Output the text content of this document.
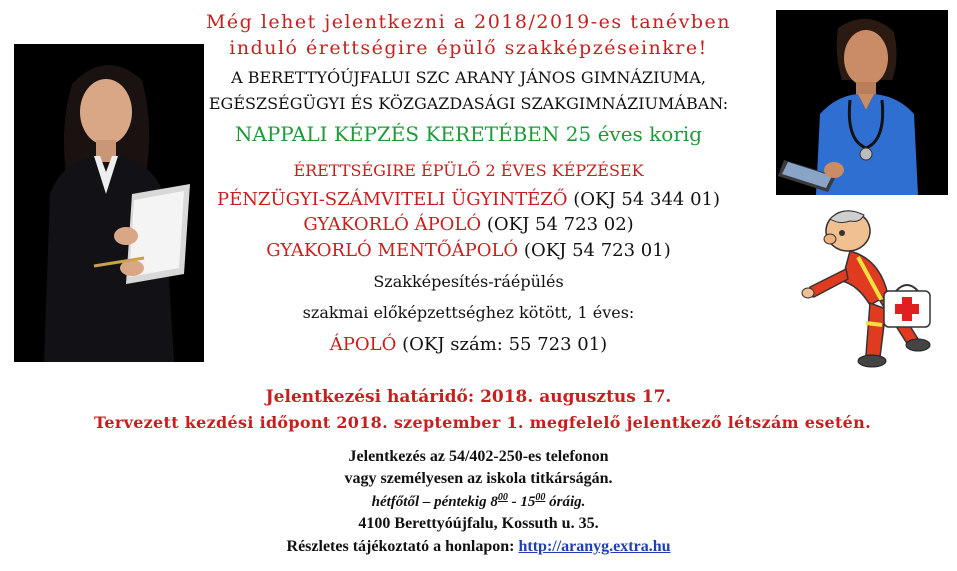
Még lehet jelentkezni a 2018/2019-es tanévben
induló érettségire épülő szakképzéseinkre!
A BERETTYÓÚJFALUI SZC ARANY JÁNOS GIMNÁZIUMA,
EGÉSZSÉGÜGYI ÉS KÖZGAZDASÁGI SZAKGIMNÁZIUMÁBAN:
NAPPALI KÉPZÉS KERETÉBEN 25 éves korig
ÉRETTSÉGIRE ÉPÜLŐ 2 ÉVES KÉPZÉSEK
PÉNZÜGYI-SZÁMVITELI ÜGYINTÉZŐ (OKJ 54 344 01)
GYAKORLÓ ÁPOLÓ (OKJ 54 723 02)
GYAKORLÓ MENTŐÁPOLÓ (OKJ 54 723 01)
Szakképesítés-ráépülés
szakmai előképzettséghez kötött, 1 éves:
ÁPOLÓ (OKJ szám: 55 723 01)
Jelentkezési határidő: 2018. augusztus 17.
Tervezett kezdési időpont 2018. szeptember 1. megfelelő jelentkező létszám esetén.
Jelentkezés az 54/402-250-es telefonon
vagy személyesen az iskola titkárságán.
hétfőtől – péntekig $8^{00} - 15^{00}$ óráig.
4100 Berettyóújfalu, Kossuth u. 35.
Részletes tájékoztató a honlapon: http://aranyg.extra.hu
